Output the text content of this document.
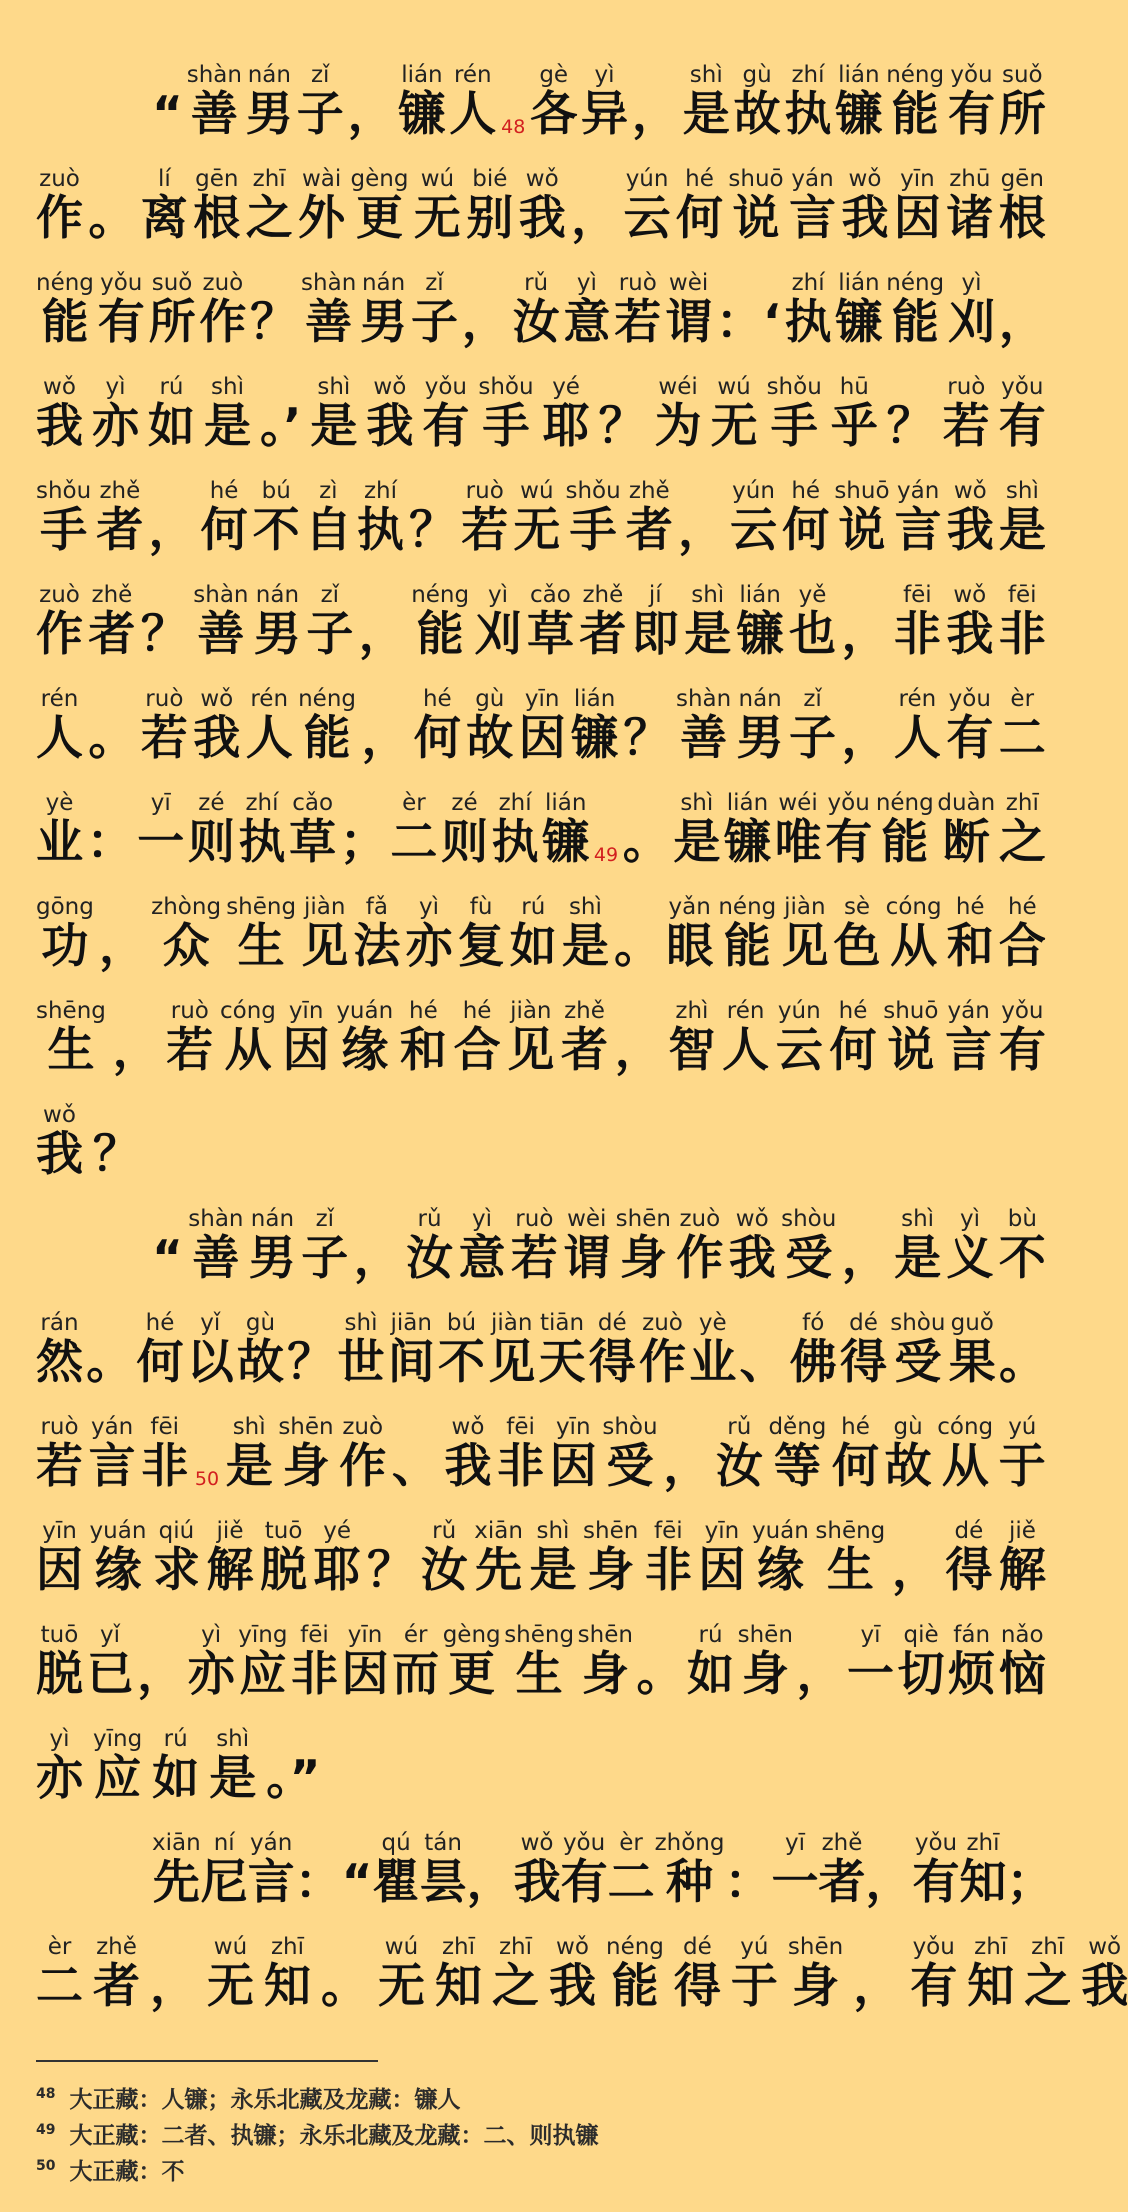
“ 善shàn
男nán
子zǐ
， 镰lián
人rén
48 各gè
异yì
， 是shì
故gù
执zhí
镰lián
能néng
有yǒu
所suǒ
作zuò
。 离lí
根gēn
之zhī
外wài
更gèng
无wú
别bié
我wǒ
， 云yún
何hé
说shuō
言yán
我wǒ
因yīn
诸zhū
根gēn
能néng
有yǒu
所suǒ
作zuò
？ 善shàn
男nán
子zǐ
， 汝rǔ
意yì
若ruò
谓wèi
：‘ 执zhí
镰lián
能néng
刈yì
，
我wǒ
亦yì
如rú
是shì
。’ 是shì
我wǒ
有yǒu
手shǒu
耶yé
？ 为wéi
无wú
手shǒu
乎hū
？ 若ruò
有yǒu
手shǒu
者zhě
， 何hé
不bú
自zì
执zhí
？ 若ruò
无wú
手shǒu
者zhě
， 云yún
何hé
说shuō
言yán
我wǒ
是shì
作zuò
者zhě
？ 善shàn
男nán
子zǐ
， 能néng
刈yì
草cǎo
者zhě
即jí
是shì
镰lián
也yě
， 非fēi
我wǒ
非fēi
人rén
。 若ruò
我wǒ
人rén
能néng
， 何hé
故gù
因yīn
镰lián
？ 善shàn
男nán
子zǐ
， 人rén
有yǒu
二èr
业yè
： 一yī
则zé
执zhí
草cǎo
； 二èr
则zé
执zhí
镰lián
49 。 是shì
镰lián
唯wéi
有yǒu
能néng
断duàn
之zhī
功gōng
， 众zhòng
生shēng
见jiàn
法fǎ
亦yì
复fù
如rú
是shì
。 眼yǎn
能néng
见jiàn
色sè
从cóng
和hé
合hé
生shēng
， 若ruò
从cóng
因yīn
缘yuán
和hé
合hé
见jiàn
者zhě
， 智zhì
人rén
云yún
何hé
说shuō
言yán
有yǒu
我wǒ
？
“ 善shàn
男nán
子zǐ
， 汝rǔ
意yì
若ruò
谓wèi
身shēn
作zuò
我wǒ
受shòu
， 是shì
义yì
不bù
然rán
。 何hé
以yǐ
故gù
？ 世shì
间jiān
不bú
见jiàn
天tiān
得dé
作zuò
业yè
、 佛fó
得dé
受shòu
果guǒ
。
若ruò
言yán
非fēi
50 是shì
身shēn
作zuò
、 我wǒ
非fēi
因yīn
受shòu
， 汝rǔ
等děng
何hé
故gù
从cóng
于yú
因yīn
缘yuán
求qiú
解jiě
脱tuō
耶yé
？ 汝rǔ
先xiān
是shì
身shēn
非fēi
因yīn
缘yuán
生shēng
， 得dé
解jiě
脱tuō
已yǐ
， 亦yì
应yīng
非fēi
因yīn
而ér
更gèng
生shēng
身shēn
。 如rú
身shēn
， 一yī
切qiè
烦fán
恼nǎo
亦yì
应yīng
如rú
是shì
。”
先xiān
尼ní
言yán
：“ 瞿qú
昙tán
， 我wǒ
有yǒu
二èr
种zhǒng
： 一yī
者zhě
， 有yǒu
知zhī
；
二èr
者zhě
， 无wú
知zhī
。 无wú
知zhī
之zhī
我wǒ
能néng
得dé
于yú
身shēn
， 有yǒu
知zhī
之zhī
我wǒ
$^{48}$ 大正藏：人镰；永乐北藏及龙藏：镰人
$^{49}$ 大正藏：二者、执镰；永乐北藏及龙藏：二、则执镰
$^{50}$ 大正藏：不
